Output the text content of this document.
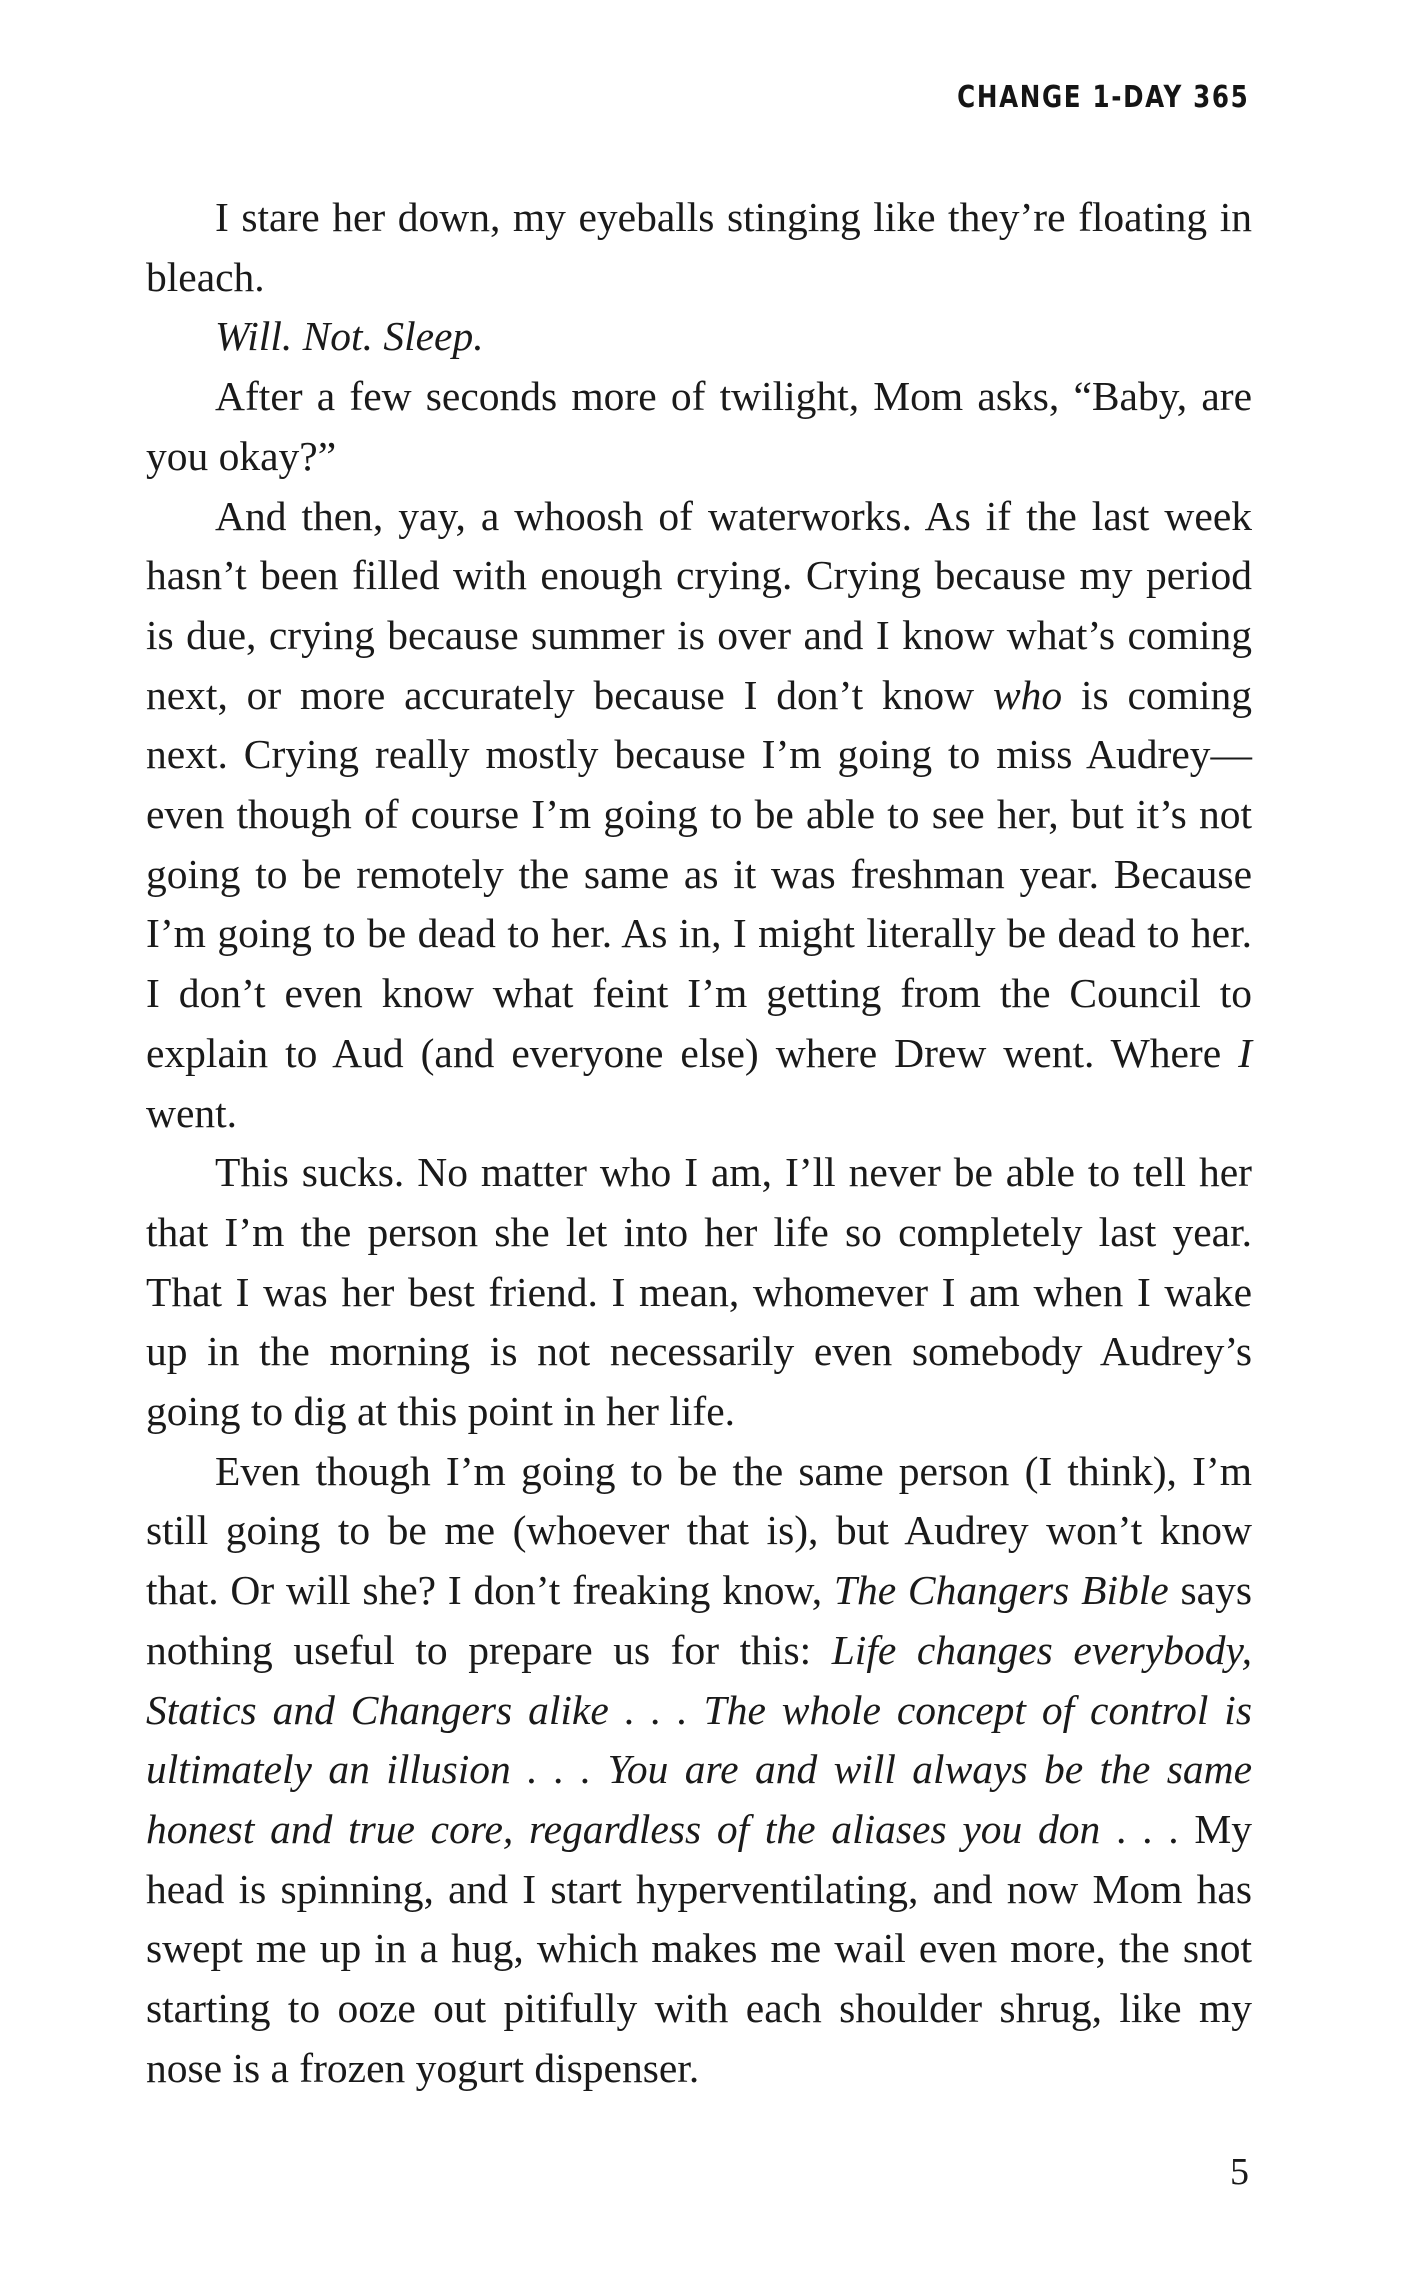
CHANGE 1-DAY 365

I stare her down, my eyeballs stinging like they’re floating in bleach.

Will. Not. Sleep.

After a few seconds more of twilight, Mom asks, “Baby, are you okay?”

And then, yay, a whoosh of waterworks. As if the last week hasn’t been filled with enough crying. Crying because my period is due, crying because summer is over and I know what’s coming next, or more accurately because I don’t know who is coming next. Crying really mostly because I’m going to miss Audrey—even though of course I’m going to be able to see her, but it’s not going to be remotely the same as it was freshman year. Because I’m going to be dead to her. As in, I might literally be dead to her. I don’t even know what feint I’m getting from the Council to explain to Aud (and everyone else) where Drew went. Where I went.

This sucks. No matter who I am, I’ll never be able to tell her that I’m the person she let into her life so completely last year. That I was her best friend. I mean, whomever I am when I wake up in the morning is not necessarily even somebody Audrey’s going to dig at this point in her life.

Even though I’m going to be the same person (I think), I’m still going to be me (whoever that is), but Audrey won’t know that. Or will she? I don’t freaking know, The Changers Bible says nothing useful to prepare us for this: Life changes everybody, Statics and Changers alike . . . The whole concept of control is ultimately an illusion . . . You are and will always be the same honest and true core, regardless of the aliases you don . . . My head is spinning, and I start hyperventilating, and now Mom has swept me up in a hug, which makes me wail even more, the snot starting to ooze out pitifully with each shoulder shrug, like my nose is a frozen yogurt dispenser.

5
